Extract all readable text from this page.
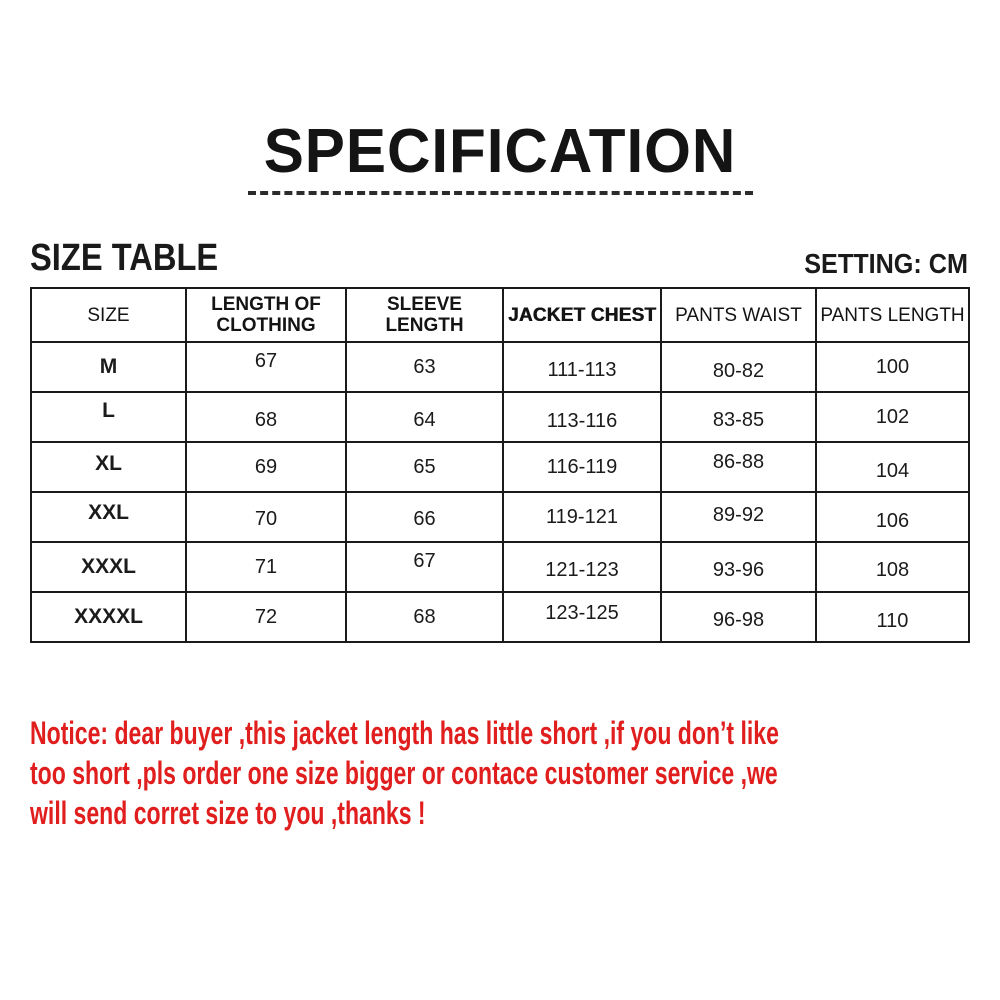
SPECIFICATION
SIZE TABLE	SETTING: CM
SIZE	LENGTH OF CLOTHING	SLEEVE LENGTH	JACKET CHEST	PANTS WAIST	PANTS LENGTH
M	67	63	111-113	80-82	100
L	68	64	113-116	83-85	102
XL	69	65	116-119	86-88	104
XXL	70	66	119-121	89-92	106
XXXL	71	67	121-123	93-96	108
XXXXL	72	68	123-125	96-98	110
Notice: dear buyer ,this jacket length has little short ,if you don’t like
too short ,pls order one size bigger or contace customer service ,we
will send corret size to you ,thanks !
